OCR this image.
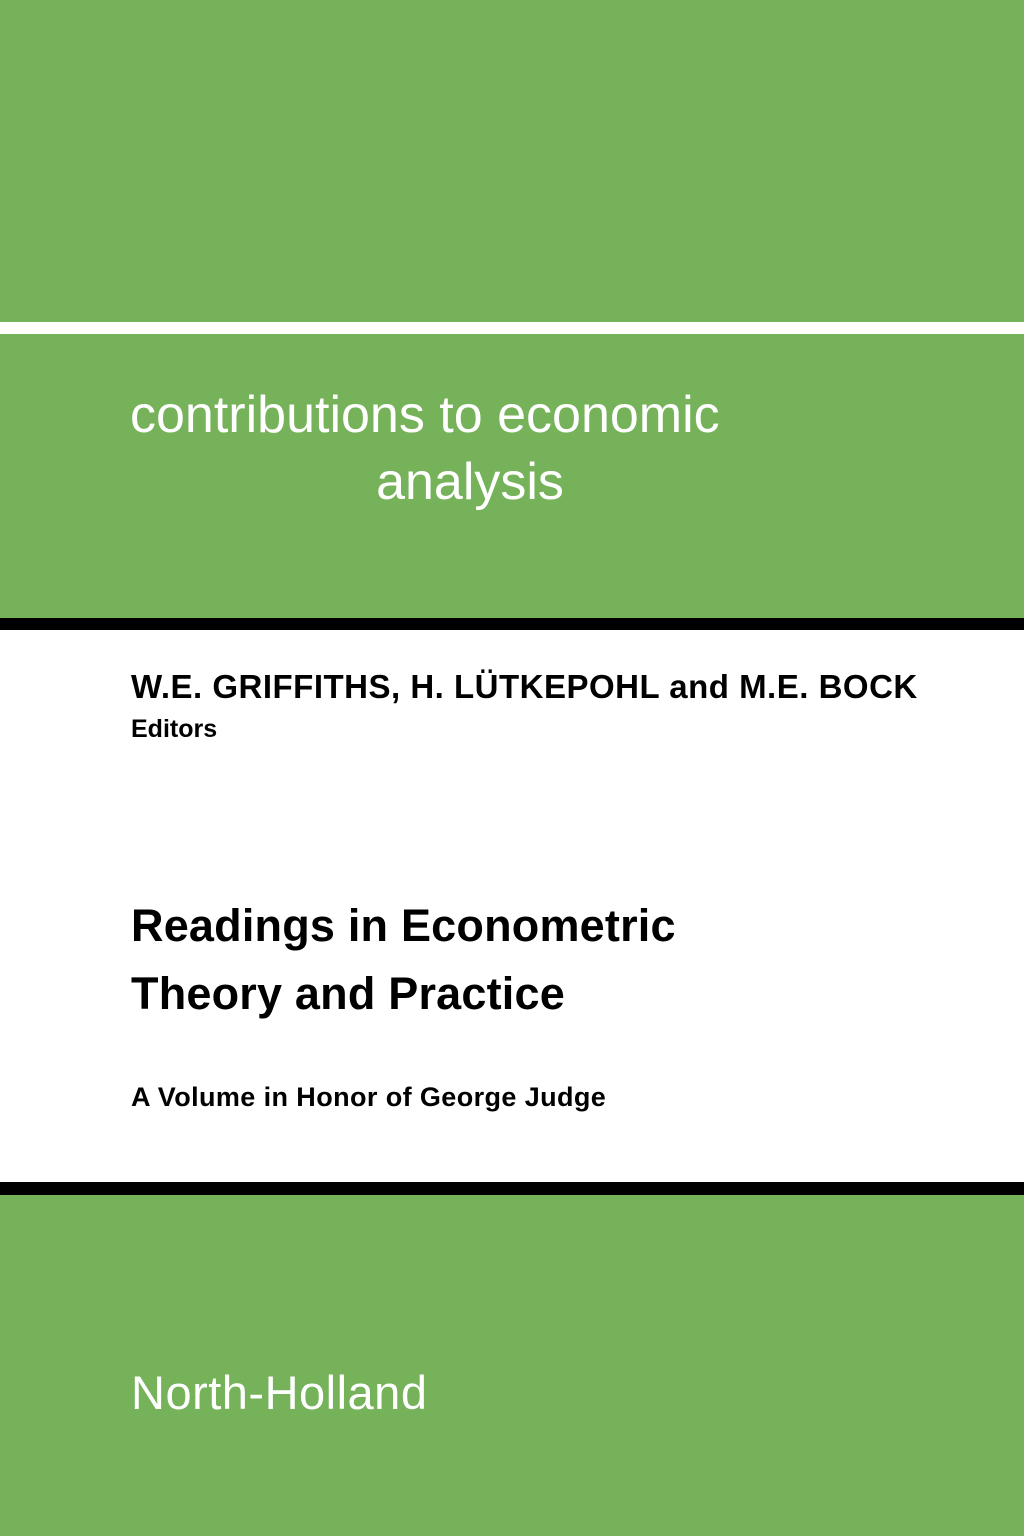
contributions to economic
analysis
W.E. GRIFFITHS, H. LÜTKEPOHL and M.E. BOCK
Editors
Readings in Econometric
Theory and Practice
A Volume in Honor of George Judge
North-Holland
